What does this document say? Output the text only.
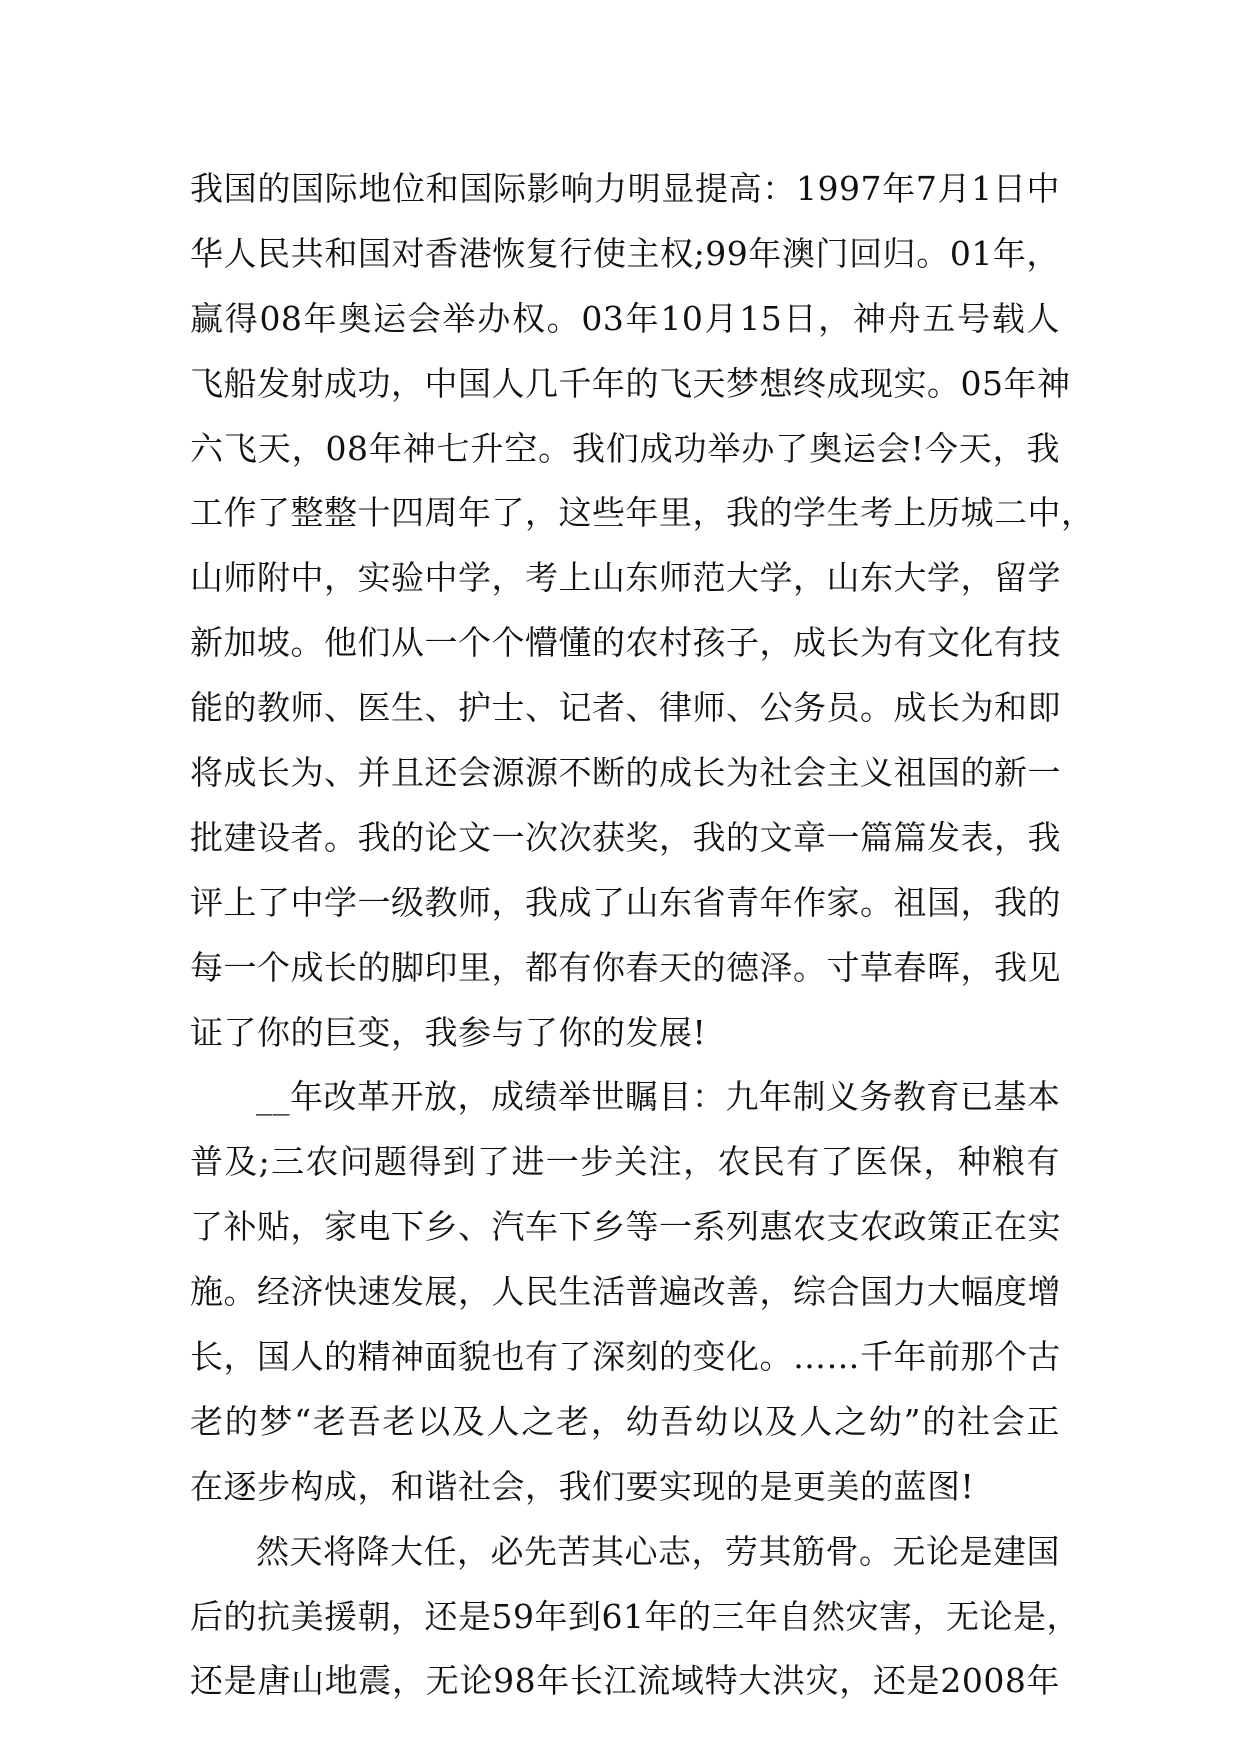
我国的国际地位和国际影响力明显提高：1997年7月1日中
华人民共和国对香港恢复行使主权;99年澳门回归。01年，
赢得08年奥运会举办权。03年10月15日，神舟五号载人
飞船发射成功，中国人几千年的飞天梦想终成现实。05年神
六飞天，08年神七升空。我们成功举办了奥运会!今天，我
工作了整整十四周年了，这些年里，我的学生考上历城二中，
山师附中，实验中学，考上山东师范大学，山东大学，留学
新加坡。他们从一个个懵懂的农村孩子，成长为有文化有技
能的教师、医生、护士、记者、律师、公务员。成长为和即
将成长为、并且还会源源不断的成长为社会主义祖国的新一
批建设者。我的论文一次次获奖，我的文章一篇篇发表，我
评上了中学一级教师，我成了山东省青年作家。祖国，我的
每一个成长的脚印里，都有你春天的德泽。寸草春晖，我见
证了你的巨变，我参与了你的发展!
__年改革开放，成绩举世瞩目：九年制义务教育已基本
普及;三农问题得到了进一步关注，农民有了医保，种粮有
了补贴，家电下乡、汽车下乡等一系列惠农支农政策正在实
施。经济快速发展，人民生活普遍改善，综合国力大幅度增
长，国人的精神面貌也有了深刻的变化。……千年前那个古
老的梦“老吾老以及人之老，幼吾幼以及人之幼”的社会正
在逐步构成，和谐社会，我们要实现的是更美的蓝图!
然天将降大任，必先苦其心志，劳其筋骨。无论是建国
后的抗美援朝，还是59年到61年的三年自然灾害，无论是，
还是唐山地震，无论98年长江流域特大洪灾，还是2008年
